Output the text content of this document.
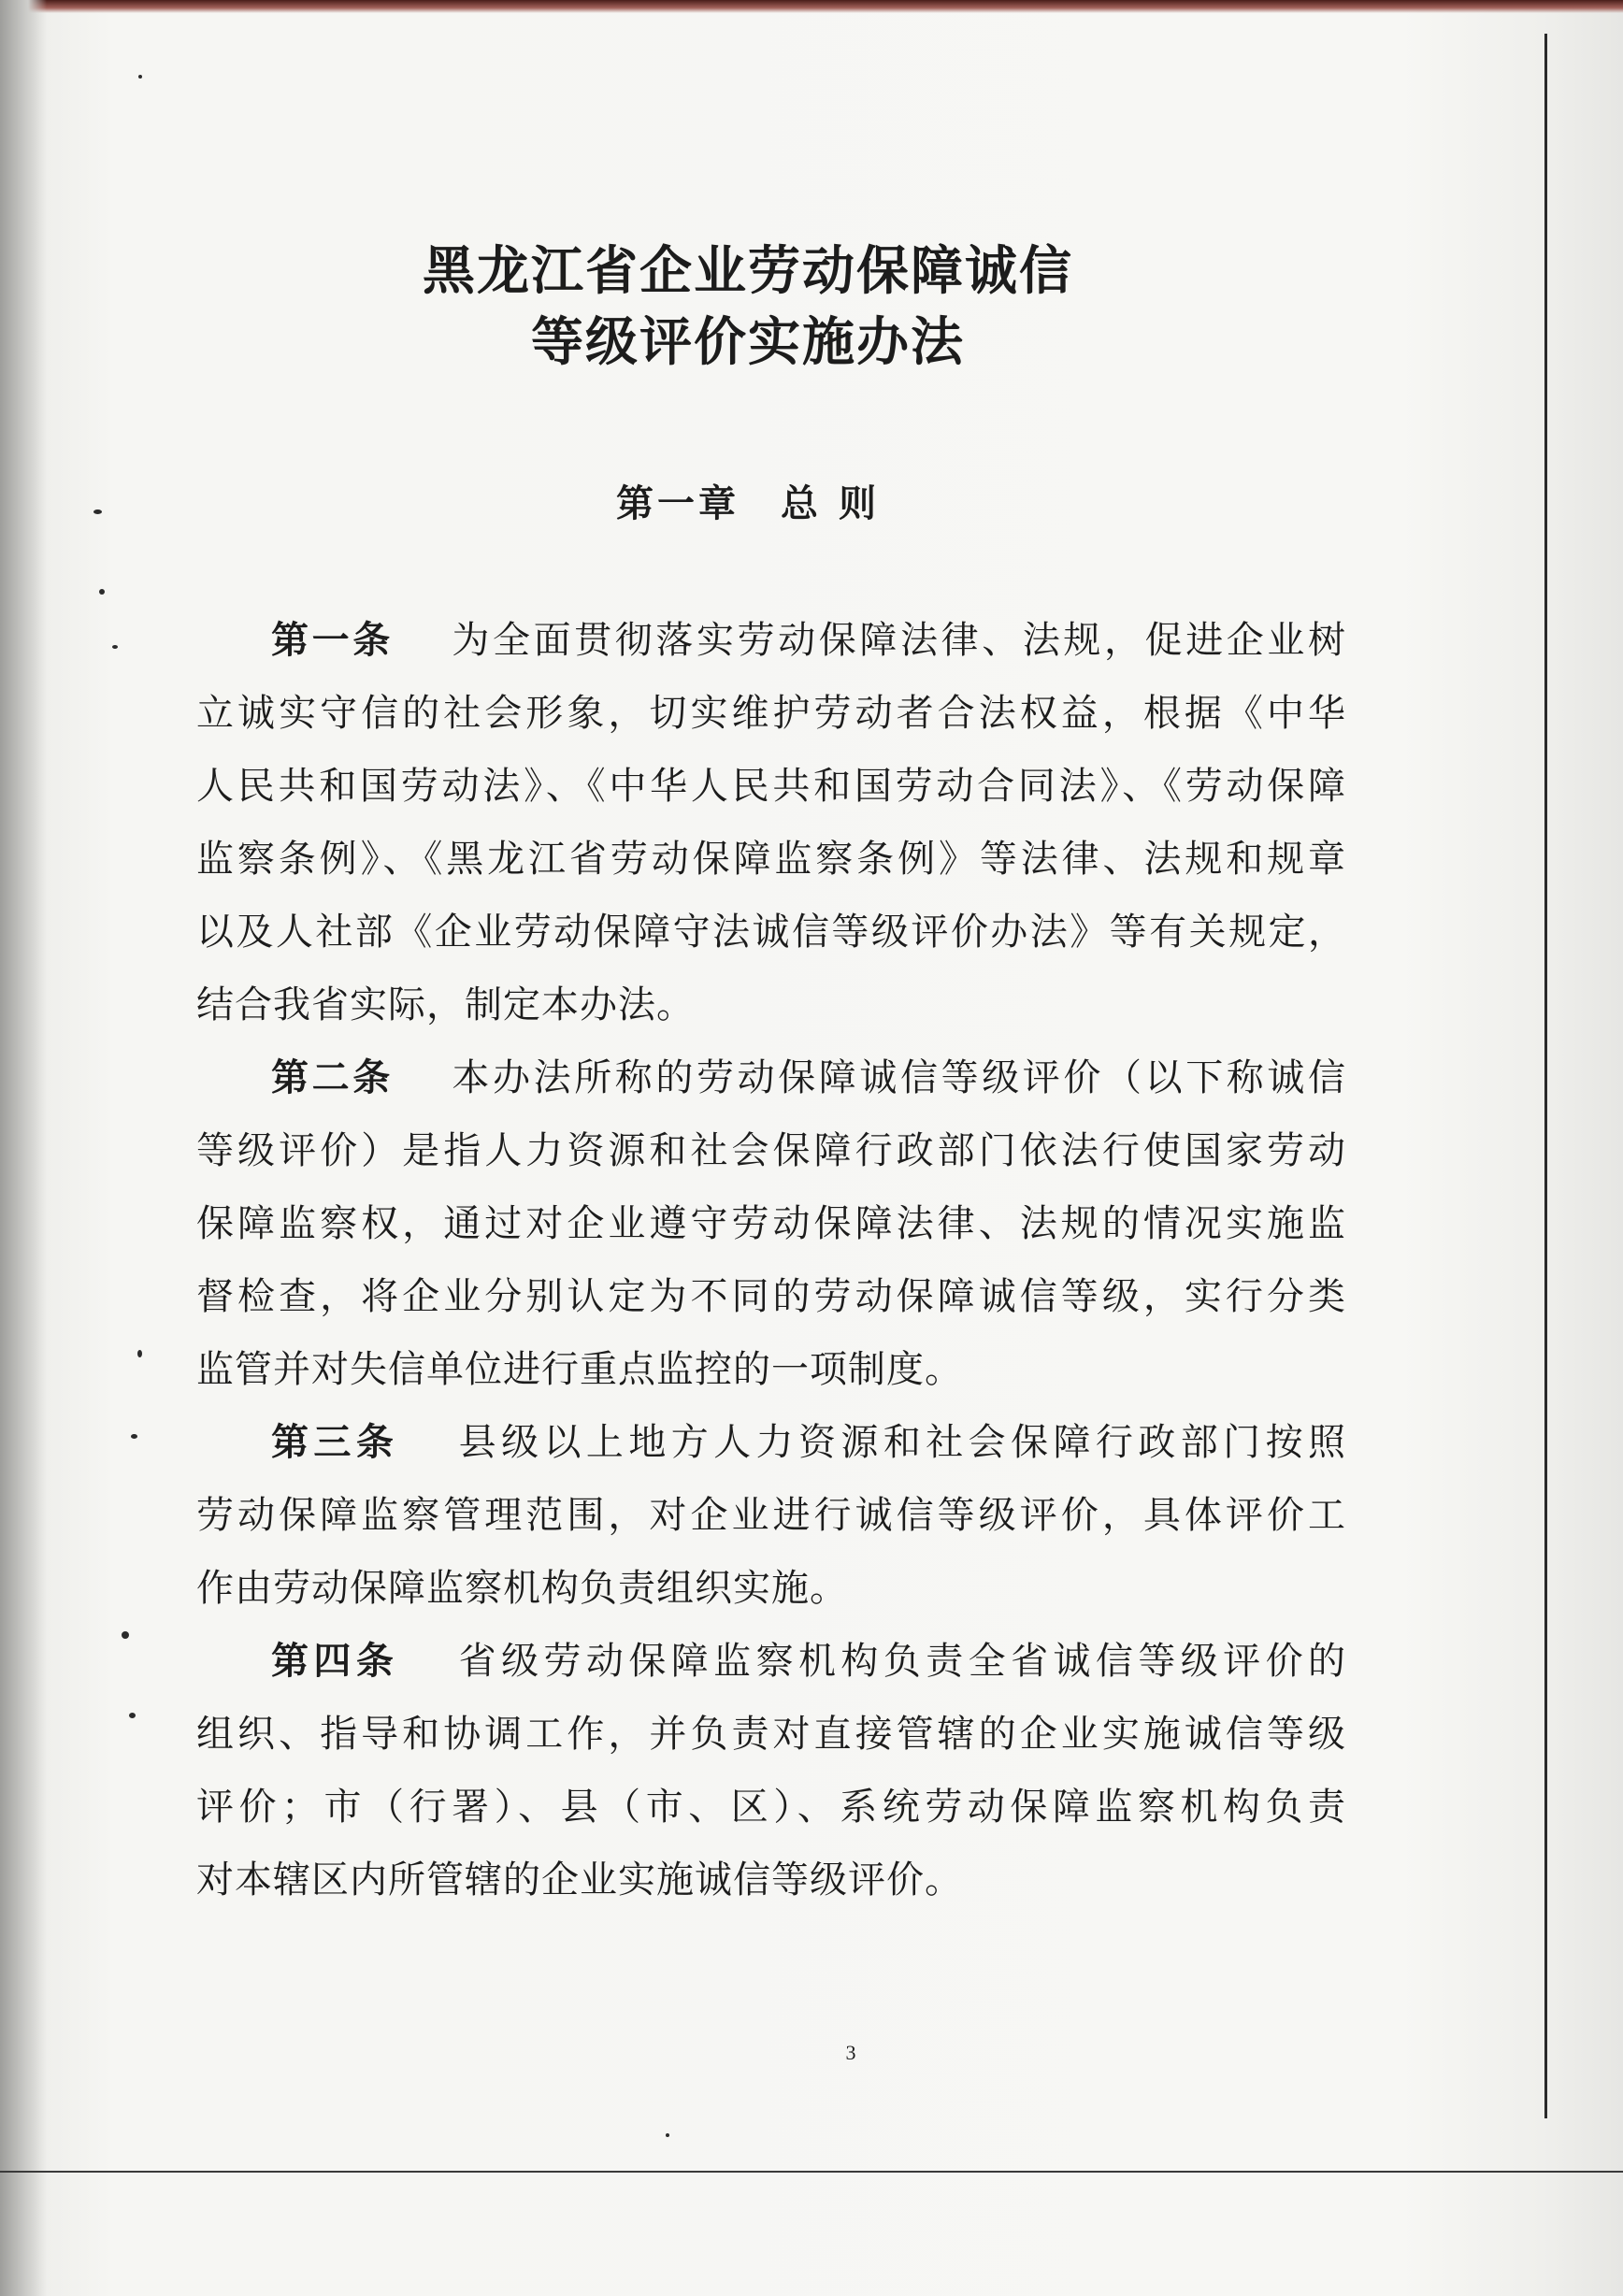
黑龙江省企业劳动保障诚信
等级评价实施办法
第一章　总 则
第一条 为全面贯彻落实劳动保障法律、法规，促进企业树
立诚实守信的社会形象，切实维护劳动者合法权益，根据《中华
人民共和国劳动法》、《中华人民共和国劳动合同法》、《劳动保障
监察条例》、《黑龙江省劳动保障监察条例》等法律、法规和规章
以及人社部《企业劳动保障守法诚信等级评价办法》等有关规定，
结合我省实际，制定本办法。
第二条 本办法所称的劳动保障诚信等级评价（以下称诚信
等级评价）是指人力资源和社会保障行政部门依法行使国家劳动
保障监察权，通过对企业遵守劳动保障法律、法规的情况实施监
督检查，将企业分别认定为不同的劳动保障诚信等级，实行分类
监管并对失信单位进行重点监控的一项制度。
第三条 县级以上地方人力资源和社会保障行政部门按照
劳动保障监察管理范围，对企业进行诚信等级评价，具体评价工
作由劳动保障监察机构负责组织实施。
第四条 省级劳动保障监察机构负责全省诚信等级评价的
组织、指导和协调工作，并负责对直接管辖的企业实施诚信等级
评价；市（行署）、县（市、区）、系统劳动保障监察机构负责
对本辖区内所管辖的企业实施诚信等级评价。
3
